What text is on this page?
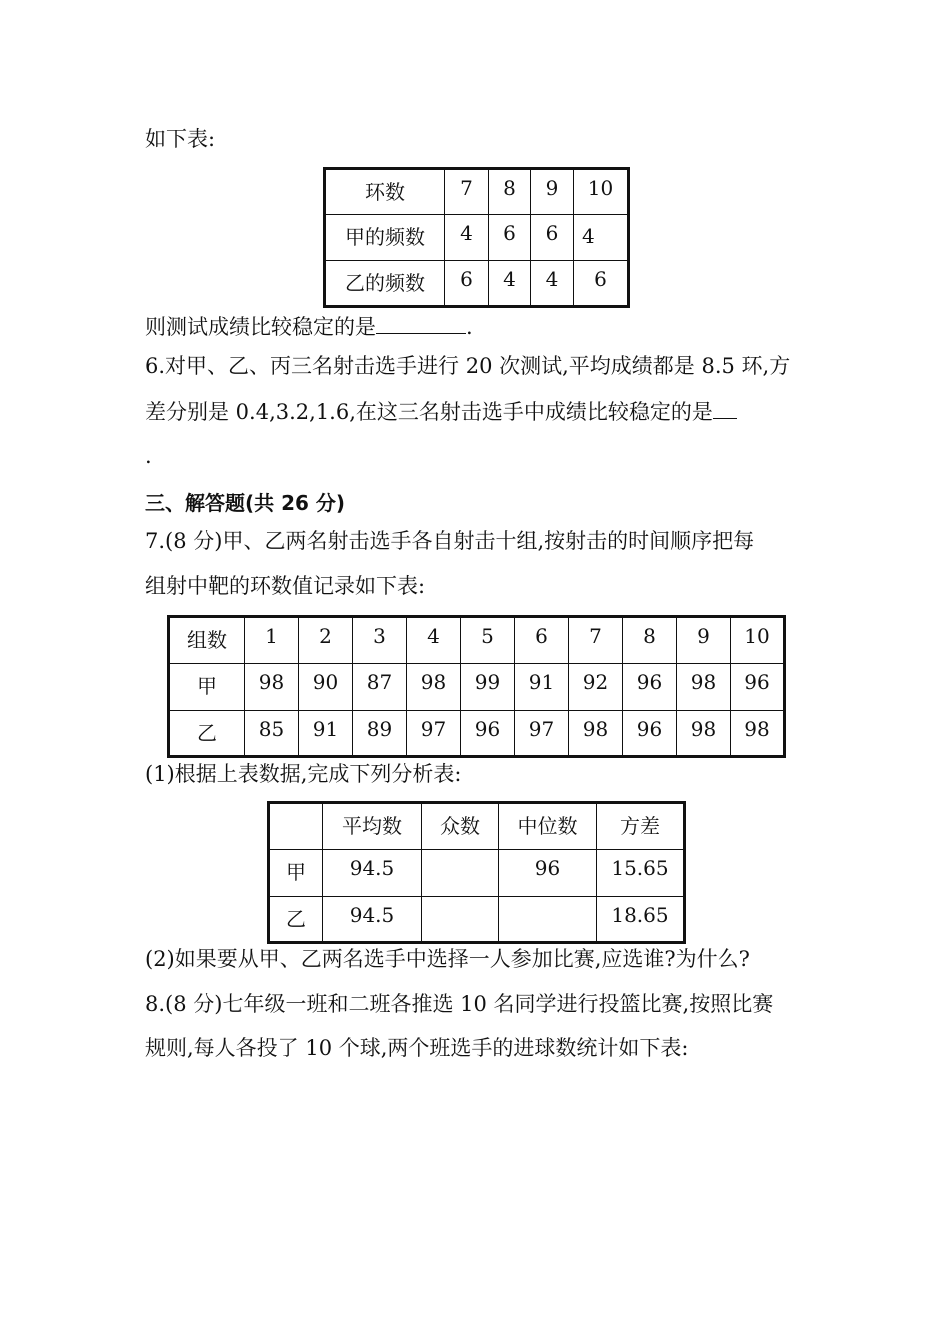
如下表:
环数	7	8	9	10

甲的频数	4	6	6	4

乙的频数	6	4	4	6
则测试成绩比较稳定的是	.
6.对甲、乙、丙三名射击选手进行 20 次测试,平均成绩都是 8.5 环,方
差分别是 0.4,3.2,1.6,在这三名射击选手中成绩比较稳定的是
.
三、解答题(共 26 分)
7.(8 分)甲、乙两名射击选手各自射击十组,按射击的时间顺序把每
组射中靶的环数值记录如下表:
组数	1	2	3	4	5	6	7	8	9	10

甲	98	90	87	98	99	91	92	96	98	96

乙	85	91	89	97	96	97	98	96	98	98
(1)根据上表数据,完成下列分析表:

	平均数	众数	中位数	方差

甲	94.5		96	15.65

乙	94.5			18.65
(2)如果要从甲、乙两名选手中选择一人参加比赛,应选谁?为什么?
8.(8 分)七年级一班和二班各推选 10 名同学进行投篮比赛,按照比赛
规则,每人各投了 10 个球,两个班选手的进球数统计如下表:
